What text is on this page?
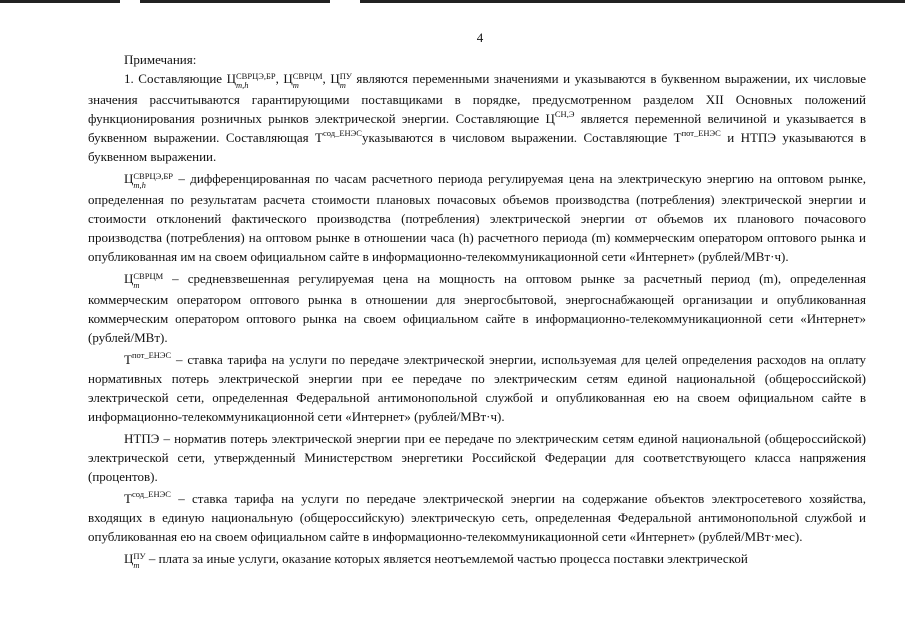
4
Примечания:

1. Составляющие Ц СВРЦЭ,БР
m,h	, Ц СВРЦМ
m	, Ц ПУ
m являются переменными значениями и указываются в буквенном выражении, их числовые значения рассчитываются гарантирующими поставщиками в порядке, предусмотренном разделом XII Основных положений функционирования розничных рынков электрической энергии. Составляющие $Ц^{СН,Э}$ является переменной величиной и указывается в буквенном выражении. Составляющая $Т^{сод\_ЕНЭС}указываются$ в числовом выражении. Составляющие $Т^{пот\_ЕНЭС}$ и НТПЭ указываются в буквенном выражении.

Ц СВРЦЭ,БР
m,h	– дифференцированная по часам расчетного периода регулируемая цена на электрическую энергию на оптовом рынке, определенная по результатам расчета стоимости плановых почасовых объемов производства (потребления) электрической энергии и стоимости отклонений фактического производства (потребления) электрической энергии от объемов их планового почасового производства (потребления) на оптовом рынке в отношении часа (h) расчетного периода (m) коммерческим оператором оптового рынка и опубликованная им на своем официальном сайте в информационно-телекоммуникационной сети «Интернет» (рублей/МВт·ч).

Ц СВРЦМ
m	– средневзвешенная регулируемая цена на мощность на оптовом рынке за расчетный период (m), определенная коммерческим оператором оптового рынка в отношении для энергосбытовой, энергоснабжающей организации и опубликованная коммерческим оператором оптового рынка на своем официальном сайте в информационно-телекоммуникационной сети «Интернет» (рублей/МВт).

$Т^{пот\_ЕНЭС}$ – ставка тарифа на услуги по передаче электрической энергии, используемая для целей определения расходов на оплату нормативных потерь электрической энергии при ее передаче по электрическим сетям единой национальной (общероссийской) электрической сети, определенная Федеральной антимонопольной службой и опубликованная ею на своем официальном сайте в информационно-телекоммуникационной сети «Интернет» (рублей/МВт·ч).

НТПЭ – норматив потерь электрической энергии при ее передаче по электрическим сетям единой национальной (общероссийской) электрической сети, утвержденный Министерством энергетики Российской Федерации для соответствующего класса напряжения (процентов).

$Т^{сод\_ЕНЭС}$ – ставка тарифа на услуги по передаче электрической энергии на содержание объектов электросетевого хозяйства, входящих в единую национальную (общероссийскую) электрическую сеть, определенная Федеральной антимонопольной службой и опубликованная ею на своем официальном сайте в информационно-телекоммуникационной сети «Интернет» (рублей/МВт·мес).

Ц ПУ
m – плата за иные услуги, оказание которых является неотъемлемой частью процесса поставки электрической
